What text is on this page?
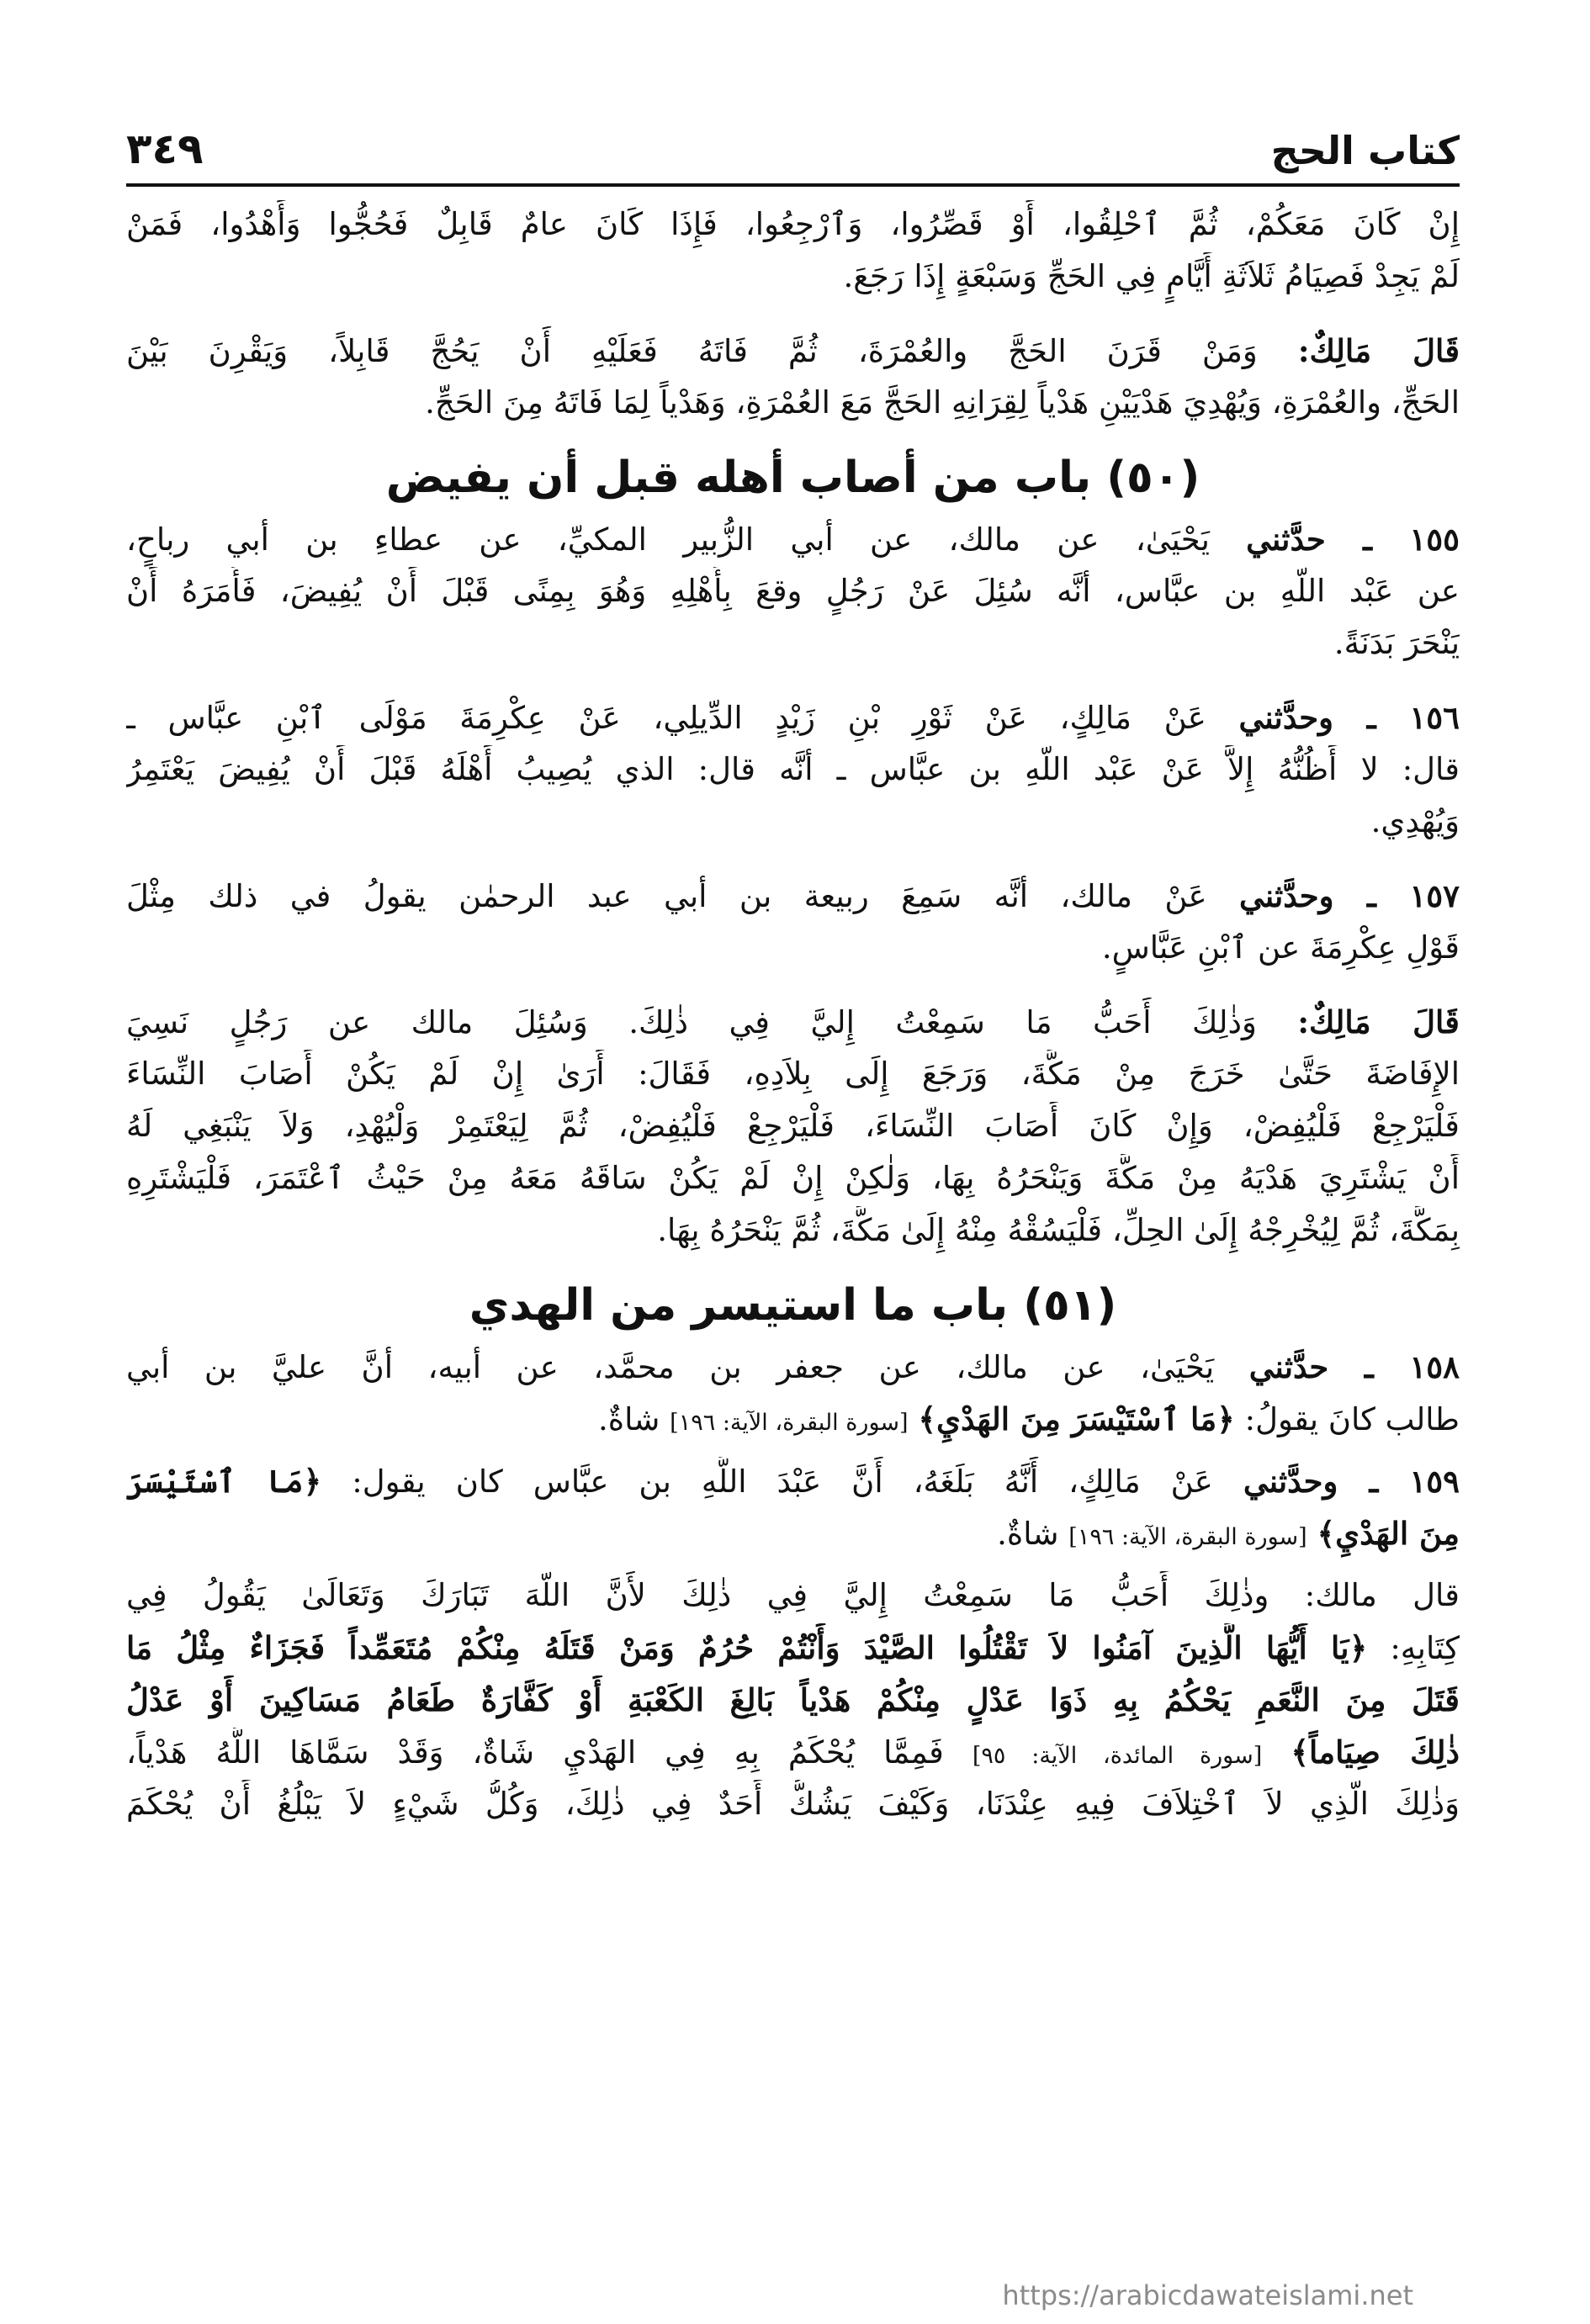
كتاب الحج
٣٤٩
إِنْ كَانَ مَعَكُمْ، ثُمَّ ٱحْلِقُوا، أَوْ قَصِّرُوا، وَٱرْجِعُوا، فَإِذَا كَانَ عامٌ قَابِلٌ فَحُجُّوا وَأَهْدُوا، فَمَنْ
لَمْ يَجِدْ فَصِيَامُ ثَلاَثَةِ أَيَّامٍ فِي الحَجِّ وَسَبْعَةٍ إِذَا رَجَعَ.
قَالَ مَالِكٌ: وَمَنْ قَرَنَ الحَجَّ والعُمْرَةَ، ثُمَّ فَاتَهُ فَعَلَيْهِ أَنْ يَحُجَّ قَابِلاً، وَيَقْرِنَ بَيْنَ
الحَجِّ، والعُمْرَةِ، وَيُهْدِيَ هَدْيَيْنِ هَدْياً لِقِرَانِهِ الحَجَّ مَعَ العُمْرَةِ، وَهَدْياً لِمَا فَاتَهُ مِنَ الحَجِّ.
(٥٠) باب من أصاب أهله قبل أن يفيض
١٥٥ ـ حدَّثني يَحْيَىٰ، عن مالك، عن أبي الزُّبير المكيِّ، عن عطاءِ بن أبي رباحٍ،
عن عَبْد اللَّهِ بن عبَّاس، أنَّه سُئِلَ عَنْ رَجُلٍ وقعَ بِأَهْلِهِ وَهُوَ بِمِنًى قَبْلَ أَنْ يُفِيضَ، فَأَمَرَهُ أَنْ
يَنْحَرَ بَدَنَةً.
١٥٦ ـ وحدَّثني عَنْ مَالِكٍ، عَنْ ثَوْرِ بْنِ زَيْدٍ الدِّيلِي، عَنْ عِكْرِمَةَ مَوْلَى ٱبْنِ عبَّاس ـ
قال: لا أَظُنُّهُ إِلاَّ عَنْ عَبْد اللَّهِ بن عبَّاس ـ أنَّه قال: الذي يُصِيبُ أَهْلَهُ قَبْلَ أَنْ يُفِيضَ يَعْتَمِرُ
وَيُهْدِي.
١٥٧ ـ وحدَّثني عَنْ مالك، أنَّه سَمِعَ ربيعة بن أبي عبد الرحمٰن يقولُ في ذلك مِثْلَ
قَوْلِ عِكْرِمَةَ عن ٱبْنِ عَبَّاسٍ.
قَالَ مَالِكٌ: وَذٰلِكَ أَحَبُّ مَا سَمِعْتُ إِليَّ فِي ذٰلِكَ. وَسُئِلَ مالك عن رَجُلٍ نَسِيَ
الإِفَاضَةَ حَتَّىٰ خَرَجَ مِنْ مَكَّةَ، وَرَجَعَ إِلَى بِلاَدِهِ، فَقَالَ: أَرَىٰ إِنْ لَمْ يَكُنْ أَصَابَ النِّسَاءَ
فَلْيَرْجِعْ فَلْيُفِضْ، وَإِنْ كَانَ أَصَابَ النِّسَاءَ، فَلْيَرْجِعْ فَلْيُفِضْ، ثُمَّ لِيَعْتَمِرْ وَلْيُهْدِ، وَلاَ يَنْبَغِي لَهُ
أَنْ يَشْتَرِيَ هَدْيَهُ مِنْ مَكَّةَ وَيَنْحَرُهُ بِهَا، وَلٰكِنْ إِنْ لَمْ يَكُنْ سَاقَهُ مَعَهُ مِنْ حَيْثُ ٱعْتَمَرَ، فَلْيَشْتَرِهِ
بِمَكَّةَ، ثُمَّ لِيُخْرِجْهُ إِلَىٰ الحِلِّ، فَلْيَسُقْهُ مِنْهُ إِلَىٰ مَكَّةَ، ثُمَّ يَنْحَرُهُ بِهَا.
(٥١) باب ما استيسر من الهدي
١٥٨ ـ حدَّثني يَحْيَىٰ، عن مالك، عن جعفر بن محمَّد، عن أبيه، أنَّ عليَّ بن أبي
طالب كانَ يقولُ: ﴿مَا ٱسْتَيْسَرَ مِنَ الهَدْيِ﴾ [سورة البقرة، الآية: ١٩٦] شاةٌ.
١٥٩ ـ وحدَّثني عَنْ مَالِكٍ، أَنَّهُ بَلَغَهُ، أَنَّ عَبْدَ اللَّهِ بن عبَّاس كان يقول: ﴿مَا ٱسْتَيْسَرَ
مِنَ الهَدْيِ﴾ [سورة البقرة، الآية: ١٩٦] شاةٌ.
قال مالك: وذٰلِكَ أَحَبُّ مَا سَمِعْتُ إِليَّ فِي ذٰلِكَ لأَنَّ اللَّهَ تَبَارَكَ وَتَعَالَىٰ يَقُولُ فِي
كِتَابِهِ: ﴿يَا أَيُّهَا الَّذِينَ آمَنُوا لاَ تَقْتُلُوا الصَّيْدَ وَأَنْتُمْ حُرُمٌ وَمَنْ قَتَلَهُ مِنْكُمْ مُتَعَمِّداً فَجَزَاءٌ مِثْلُ مَا
قَتَلَ مِنَ النَّعَمِ يَحْكُمُ بِهِ ذَوَا عَدْلٍ مِنْكُمْ هَدْياً بَالِغَ الكَعْبَةِ أَوْ كَفَّارَةٌ طَعَامُ مَسَاكِينَ أَوْ عَدْلُ
ذٰلِكَ صِيَاماً﴾ [سورة المائدة، الآية: ٩٥] فَمِمَّا يُحْكَمُ بِهِ فِي الهَدْيِ شَاةٌ، وَقَدْ سَمَّاهَا اللَّهُ هَدْياً،
وَذٰلِكَ الَّذِي لاَ ٱخْتِلاَفَ فِيهِ عِنْدَنَا، وَكَيْفَ يَشُكُّ أَحَدٌ فِي ذٰلِكَ، وَكُلُّ شَيْءٍ لاَ يَبْلُغُ أَنْ يُحْكَمَ
https://arabicdawateislami.net
